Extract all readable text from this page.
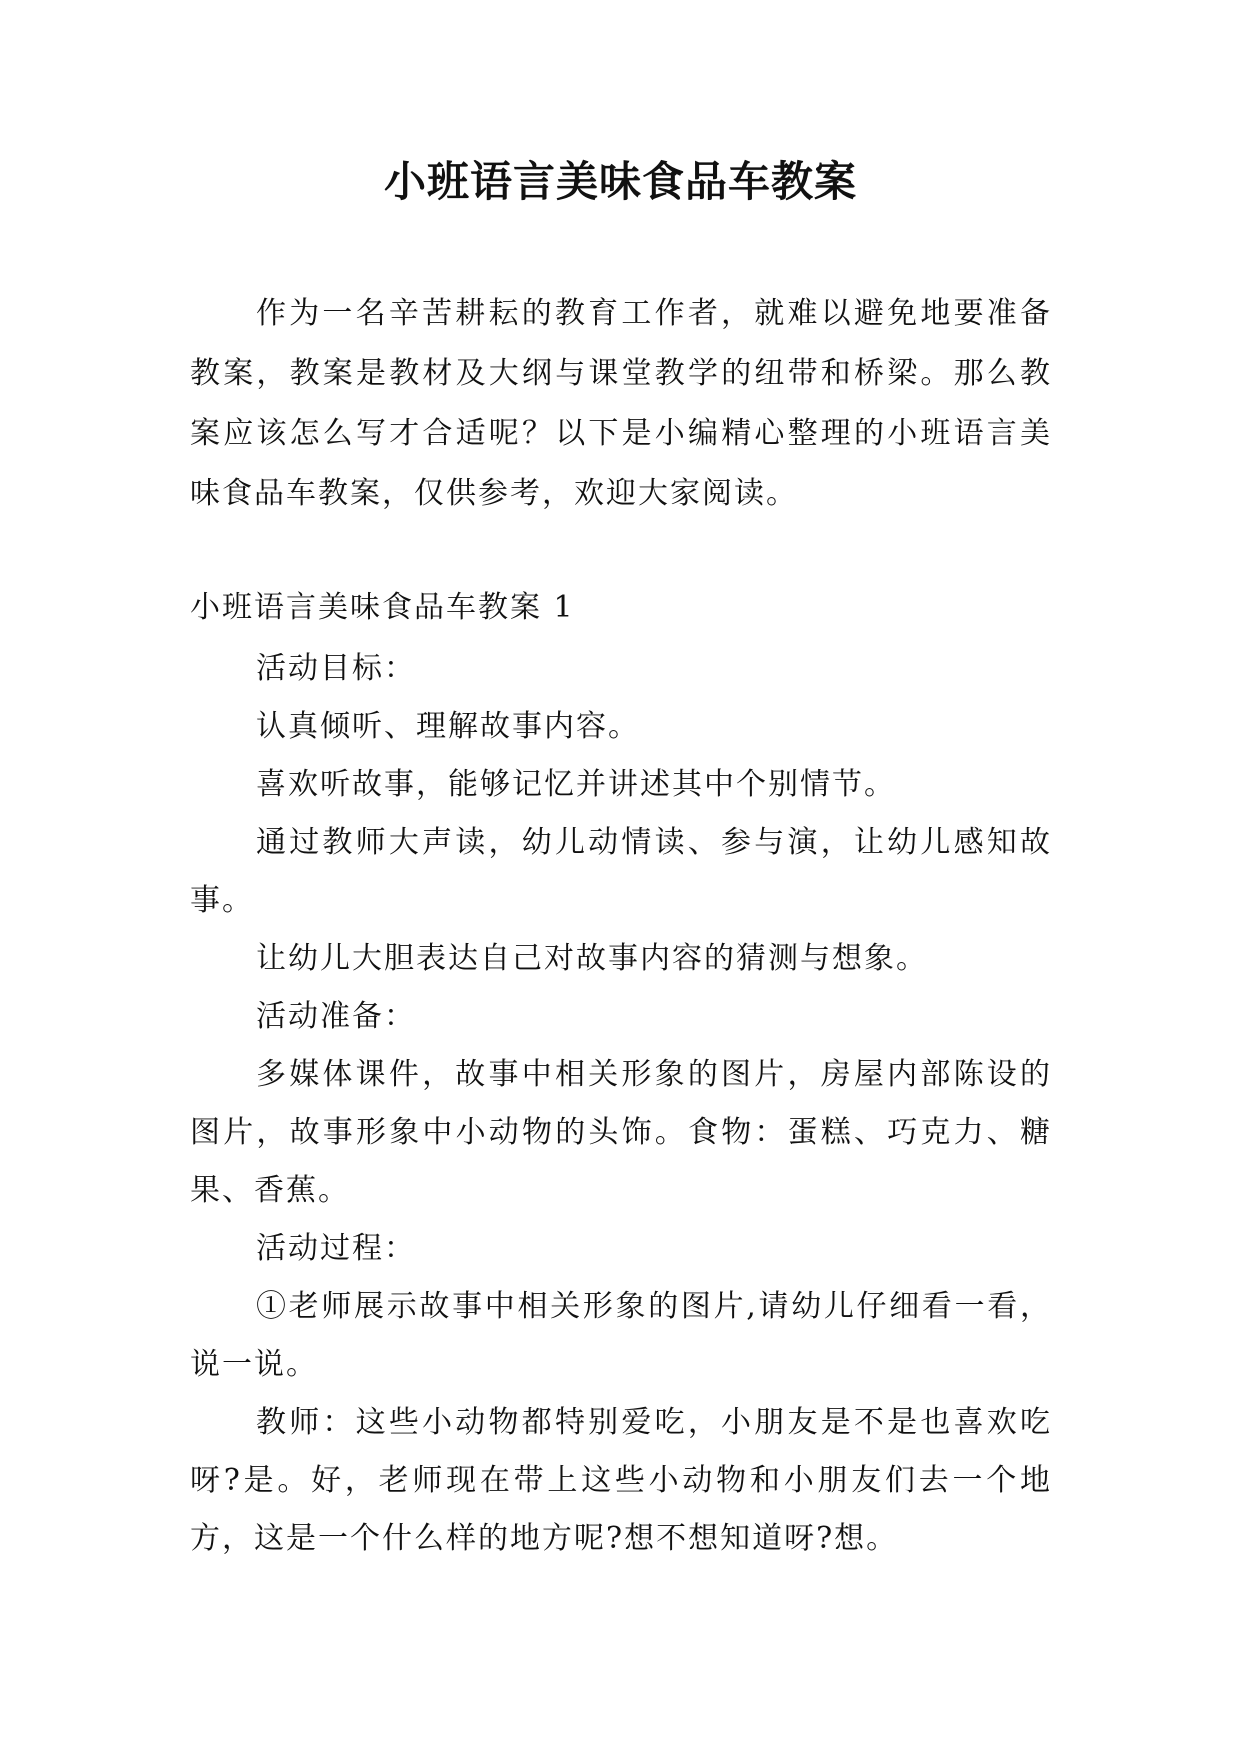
小班语言美味食品车教案

作为一名辛苦耕耘的教育工作者，就难以避免地要准备教案，教案是教材及大纲与课堂教学的纽带和桥梁。那么教案应该怎么写才合适呢？以下是小编精心整理的小班语言美味食品车教案，仅供参考，欢迎大家阅读。

小班语言美味食品车教案 1

活动目标：

认真倾听、理解故事内容。

喜欢听故事，能够记忆并讲述其中个别情节。

通过教师大声读，幼儿动情读、参与演，让幼儿感知故事。

让幼儿大胆表达自己对故事内容的猜测与想象。

活动准备：

多媒体课件，故事中相关形象的图片，房屋内部陈设的图片，故事形象中小动物的头饰。食物：蛋糕、巧克力、糖果、香蕉。

活动过程：

①老师展示故事中相关形象的图片,请幼儿仔细看一看，说一说。

教师：这些小动物都特别爱吃，小朋友是不是也喜欢吃呀?是。好，老师现在带上这些小动物和小朋友们去一个地方，这是一个什么样的地方呢?想不想知道呀?想。
